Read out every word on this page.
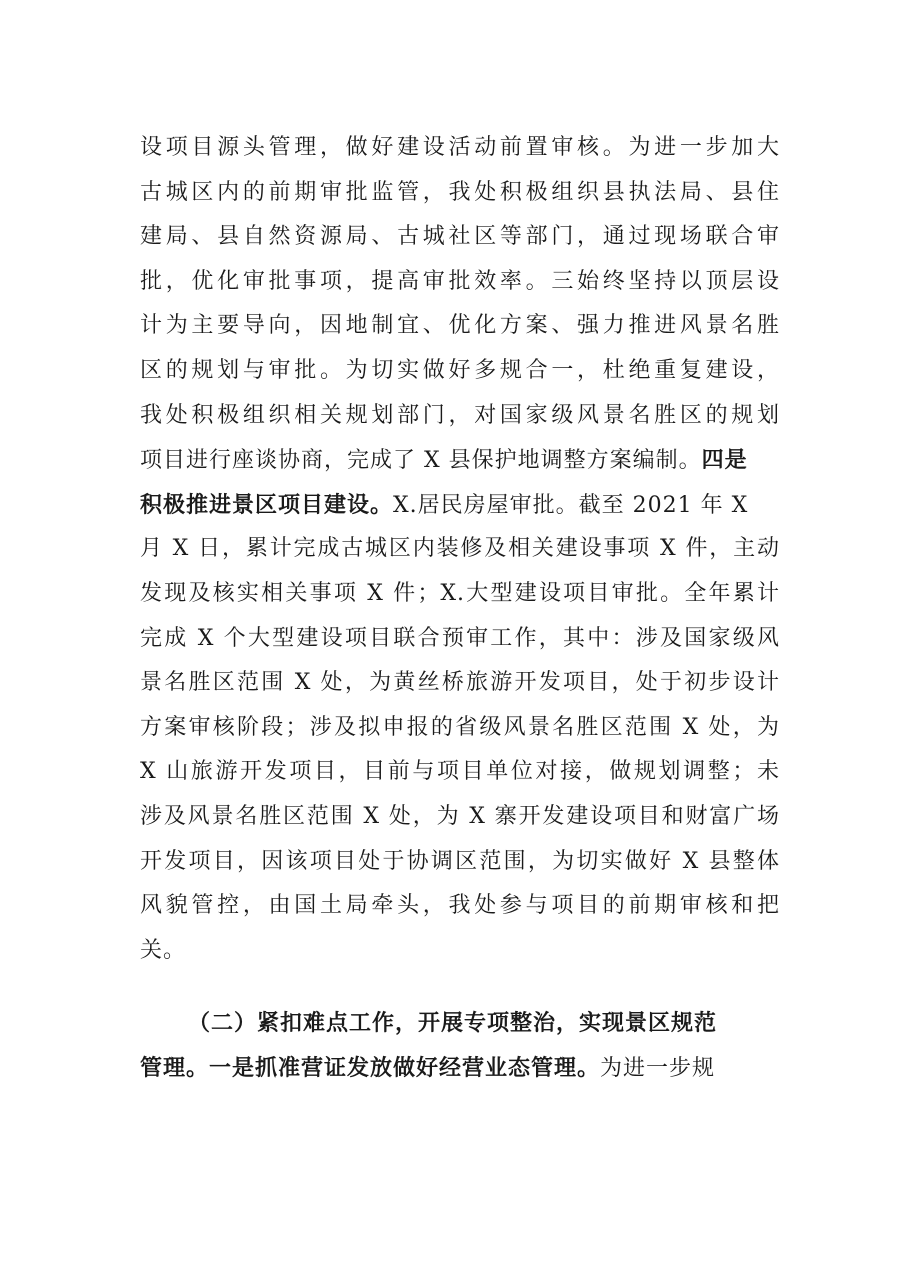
设项目源头管理，做好建设活动前置审核。为进一步加大
古城区内的前期审批监管，我处积极组织县执法局、县住
建局、县自然资源局、古城社区等部门，通过现场联合审
批，优化审批事项，提高审批效率。三始终坚持以顶层设
计为主要导向，因地制宜、优化方案、强力推进风景名胜
区的规划与审批。为切实做好多规合一，杜绝重复建设，
我处积极组织相关规划部门，对国家级风景名胜区的规划
项目进行座谈协商，完成了 X 县保护地调整方案编制。四是
积极推进景区项目建设。X.居民房屋审批。截至 2021 年 X
月 X 日，累计完成古城区内装修及相关建设事项 X 件，主动
发现及核实相关事项 X 件；X.大型建设项目审批。全年累计
完成 X 个大型建设项目联合预审工作，其中：涉及国家级风
景名胜区范围 X 处，为黄丝桥旅游开发项目，处于初步设计
方案审核阶段；涉及拟申报的省级风景名胜区范围 X 处，为
X 山旅游开发项目，目前与项目单位对接，做规划调整；未
涉及风景名胜区范围 X 处，为 X 寨开发建设项目和财富广场
开发项目，因该项目处于协调区范围，为切实做好 X 县整体
风貌管控，由国土局牵头，我处参与项目的前期审核和把
关。
（二）紧扣难点工作，开展专项整治，实现景区规范
管理。一是抓准营证发放做好经营业态管理。为进一步规
